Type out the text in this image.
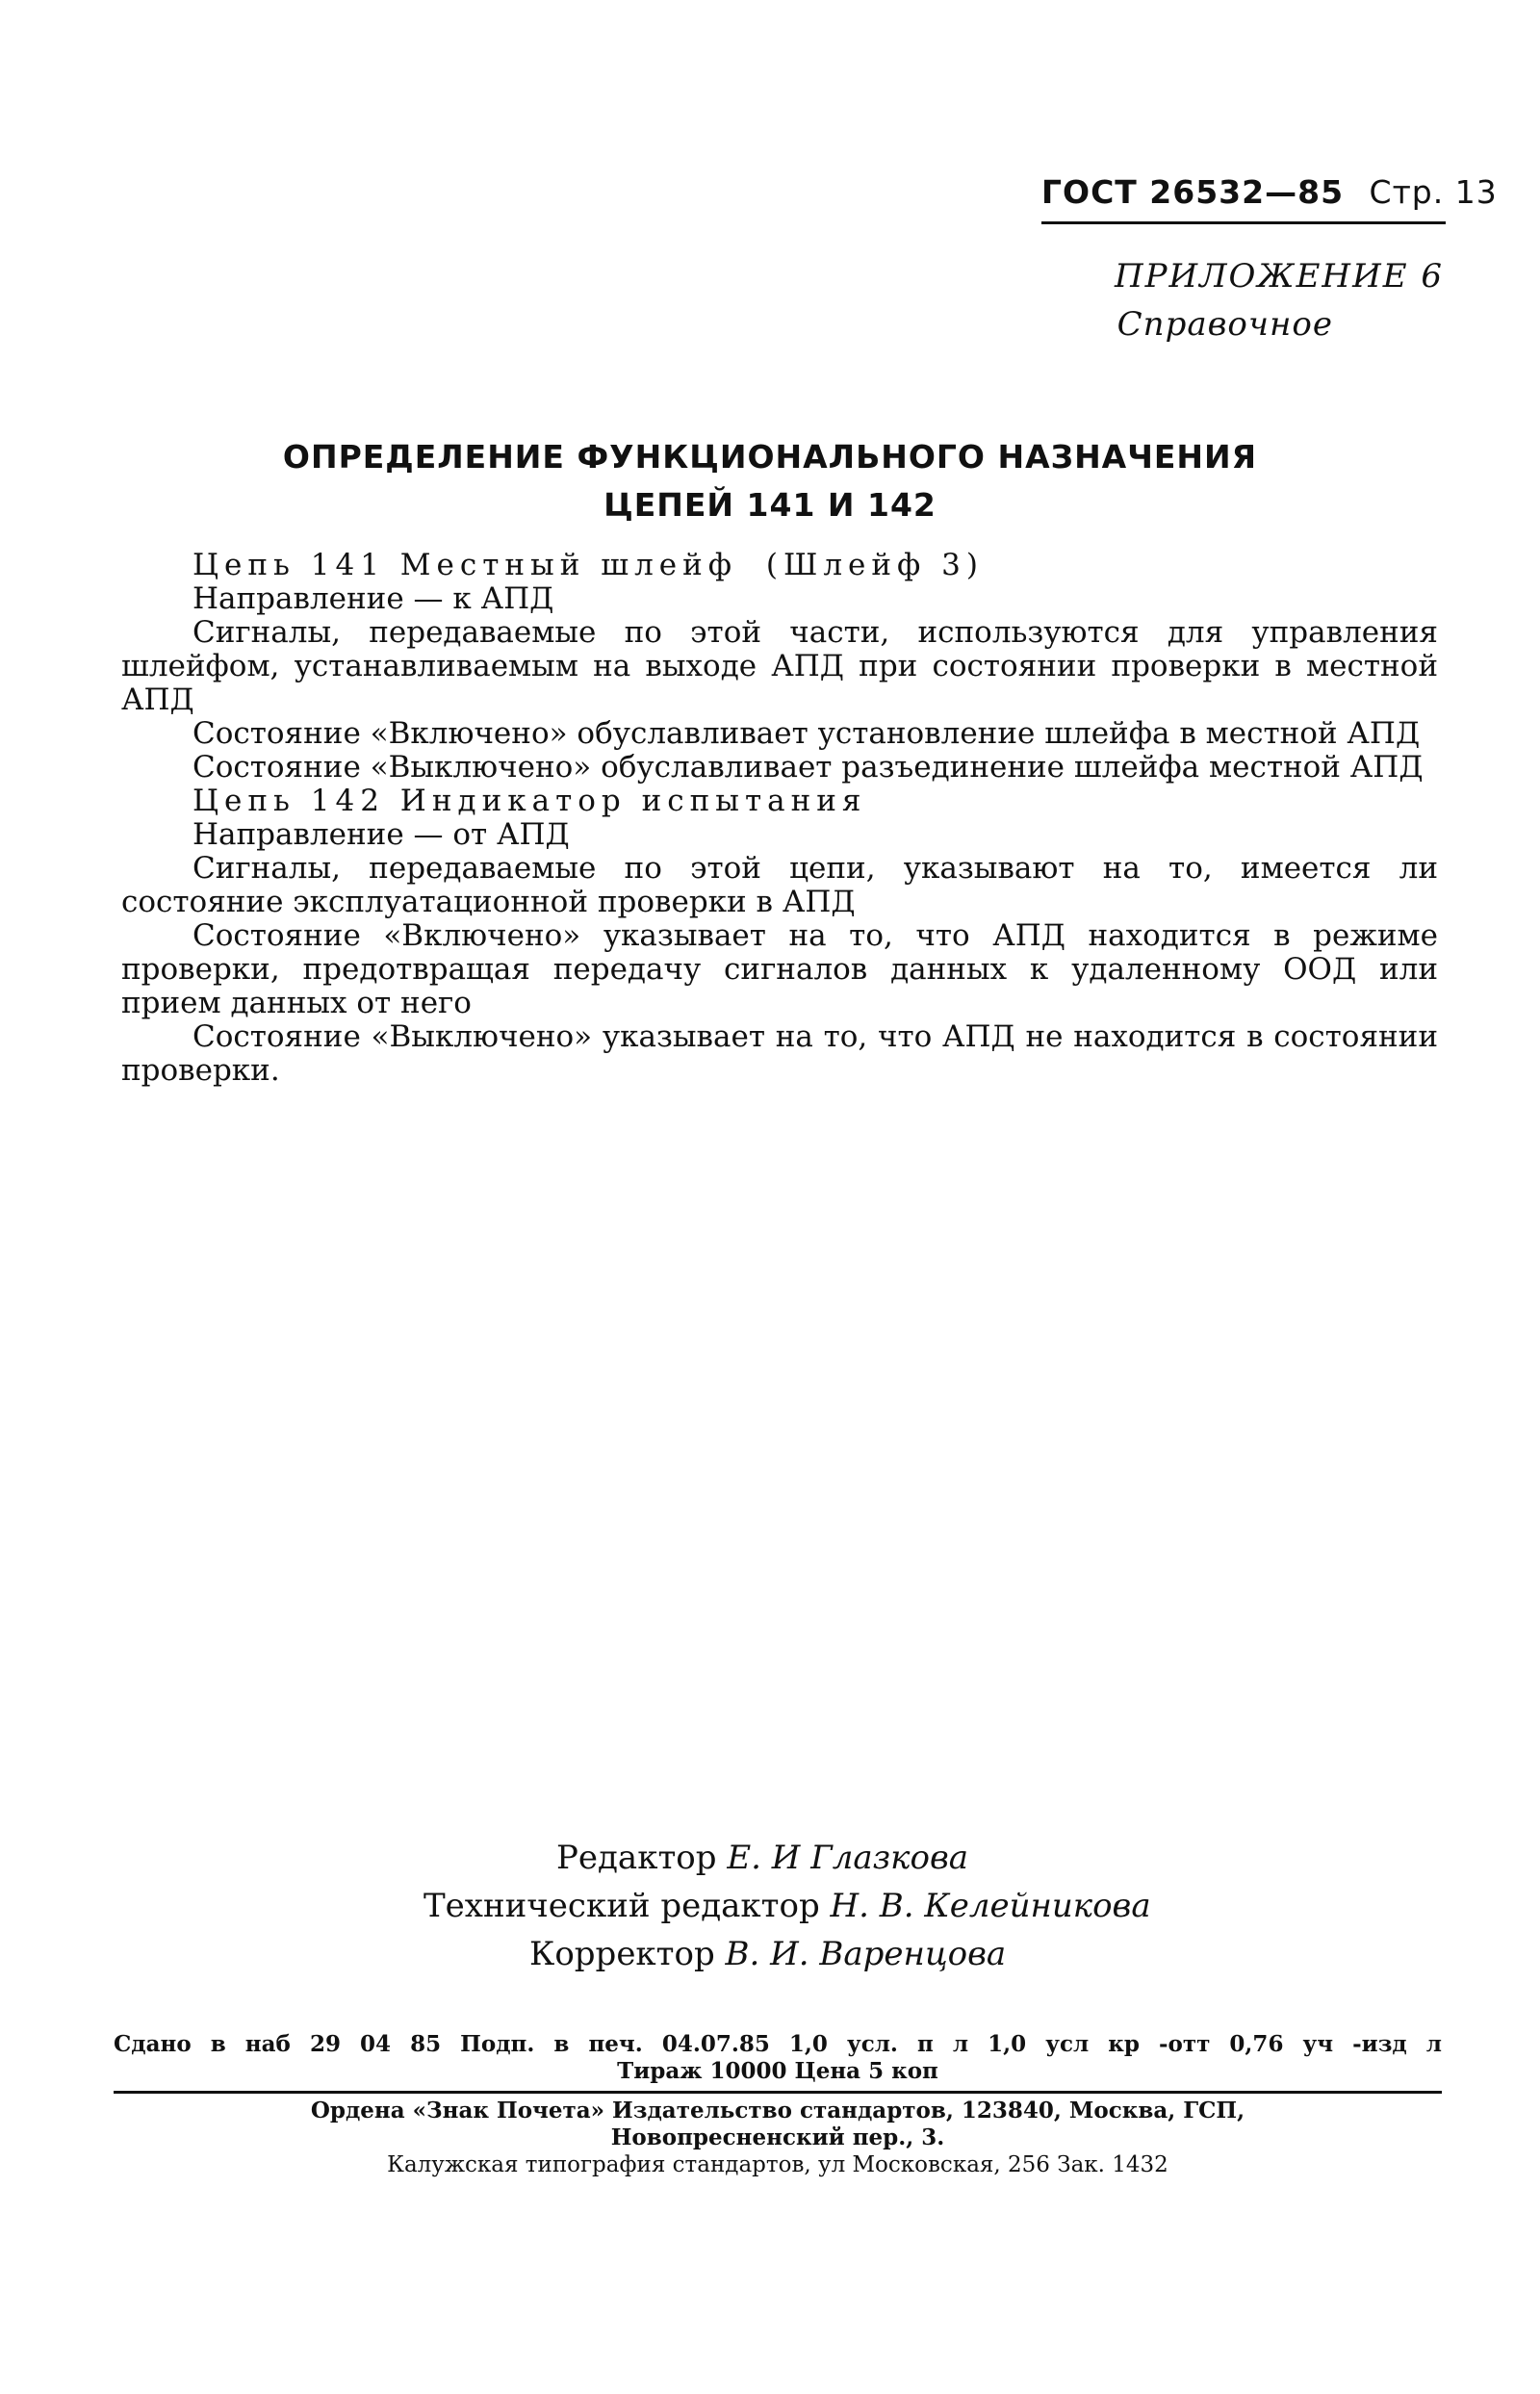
ГОСТ 26532—85 Стр. 13
ПРИЛОЖЕНИЕ 6
Справочное
ОПРЕДЕЛЕНИЕ ФУНКЦИОНАЛЬНОГО НАЗНАЧЕНИЯ
ЦЕПЕЙ 141 И 142

Цепь 141 Местный шлейф (Шлейф 3)

Направление — к АПД

Сигналы, передаваемые по этой части, используются для управления шлейфом, устанавливаемым на выходе АПД при состоянии проверки в местной АПД

Состояние «Включено» обуславливает установление шлейфа в местной АПД

Состояние «Выключено» обуславливает разъединение шлейфа местной АПД

Цепь 142 Индикатор испытания

Направление — от АПД

Сигналы, передаваемые по этой цепи, указывают на то, имеется ли состояние эксплуатационной проверки в АПД

Состояние «Включено» указывает на то, что АПД находится в режиме проверки, предотвращая передачу сигналов данных к удаленному ООД или прием данных от него

Состояние «Выключено» указывает на то, что АПД не находится в состоянии проверки.

Редактор Е. И Глазкова
Технический редактор Н. В. Келейникова
Корректор В. И. Варенцова
Сдано в наб 29 04 85 Подп. в печ. 04.07.85 1,0 усл. п л 1,0 усл кр -отт 0,76 уч -изд л
Тираж 10000 Цена 5 коп
Ордена «Знак Почета» Издательство стандартов, 123840, Москва, ГСП,
Новопресненский пер., 3.
Калужская типография стандартов, ул Московская, 256 Зак. 1432
